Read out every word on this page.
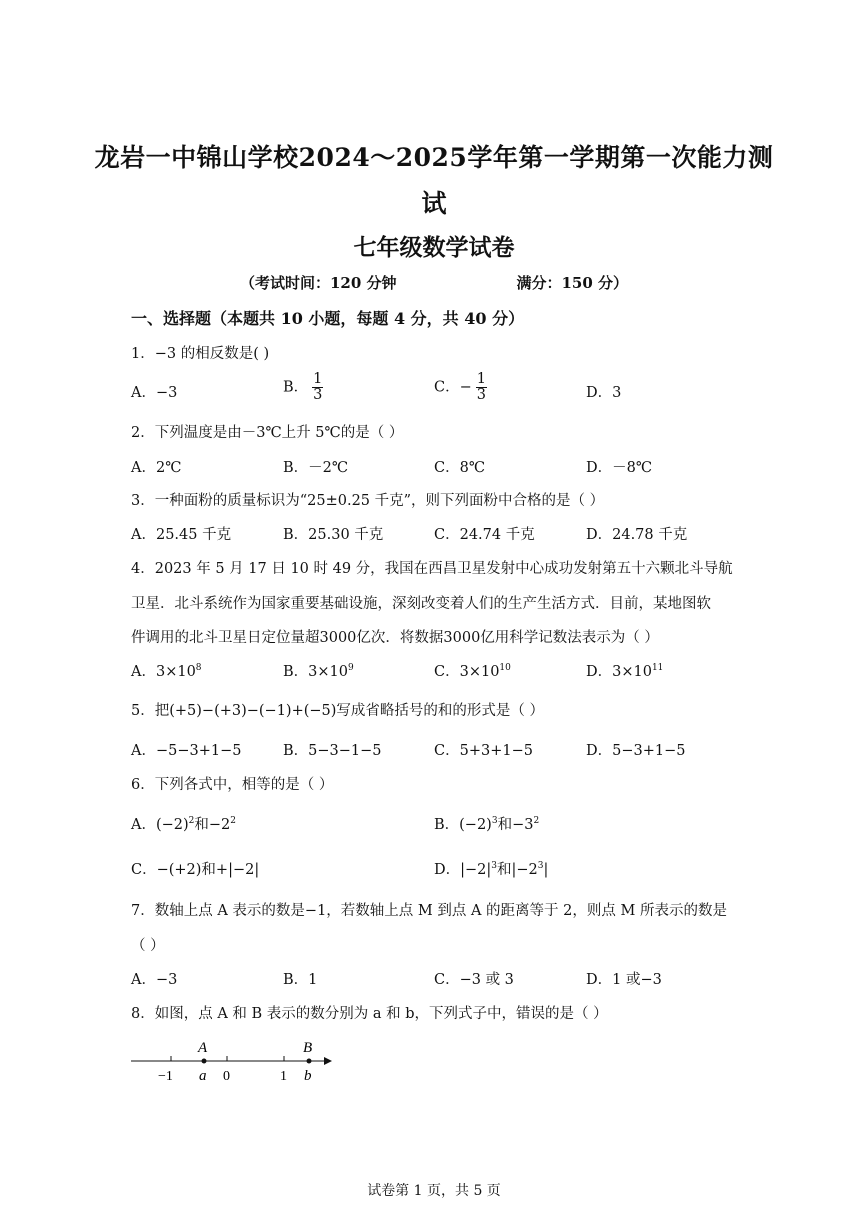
龙岩一中锦山学校2024～2025学年第一学期第一次能力测
试
七年级数学试卷
（考试时间：120 分钟	满分：150 分）
一、选择题（本题共 10 小题，每题 4 分，共 40 分）
1．−3 的相反数是( )
A．−3	B． $\frac{1}{3}$	C．− $\frac{1}{3}$	D．3
2．下列温度是由－3℃上升 5℃的是（ ）
A．2℃	B．－2℃	C．8℃	D．－8℃
3．一种面粉的质量标识为“25±0.25 千克”，则下列面粉中合格的是（ ）
A．25.45 千克	B．25.30 千克	C．24.74 千克	D．24.78 千克
4．2023 年 5 月 17 日 10 时 49 分，我国在西昌卫星发射中心成功发射第五十六颗北斗导航
卫星．北斗系统作为国家重要基础设施，深刻改变着人们的生产生活方式．目前，某地图软
件调用的北斗卫星日定位量超3000亿次．将数据3000亿用科学记数法表示为（ ）
A．$3\times 10^8$	B．$3\times 10^9$	C．$3\times 10^{10}$	D．$3\times 10^{11}$
5．把(+5)−(+3)−(−1)+(−5)写成省略括号的和的形式是（ ）
A．−5−3+1−5	B．5−3−1−5	C．5+3+1−5	D．5−3+1−5
6．下列各式中，相等的是（ ）
A．$(-2)^2$和$-2^2$	B．$(-2)^3$和$-3^2$
C．−(+2)和+|−2|	D．$|-2|^3$和$|-2^3|$
7．数轴上点 A 表示的数是−1，若数轴上点 M 到点 A 的距离等于 2，则点 M 所表示的数是
（ ）
A．−3	B．1	C．−3 或 3	D．1 或−3
8．如图，点 A 和 B 表示的数分别为 a 和 b，下列式子中，错误的是（ ）
A	B
−1 a 0	1 b
试卷第 1 页，共 5 页
